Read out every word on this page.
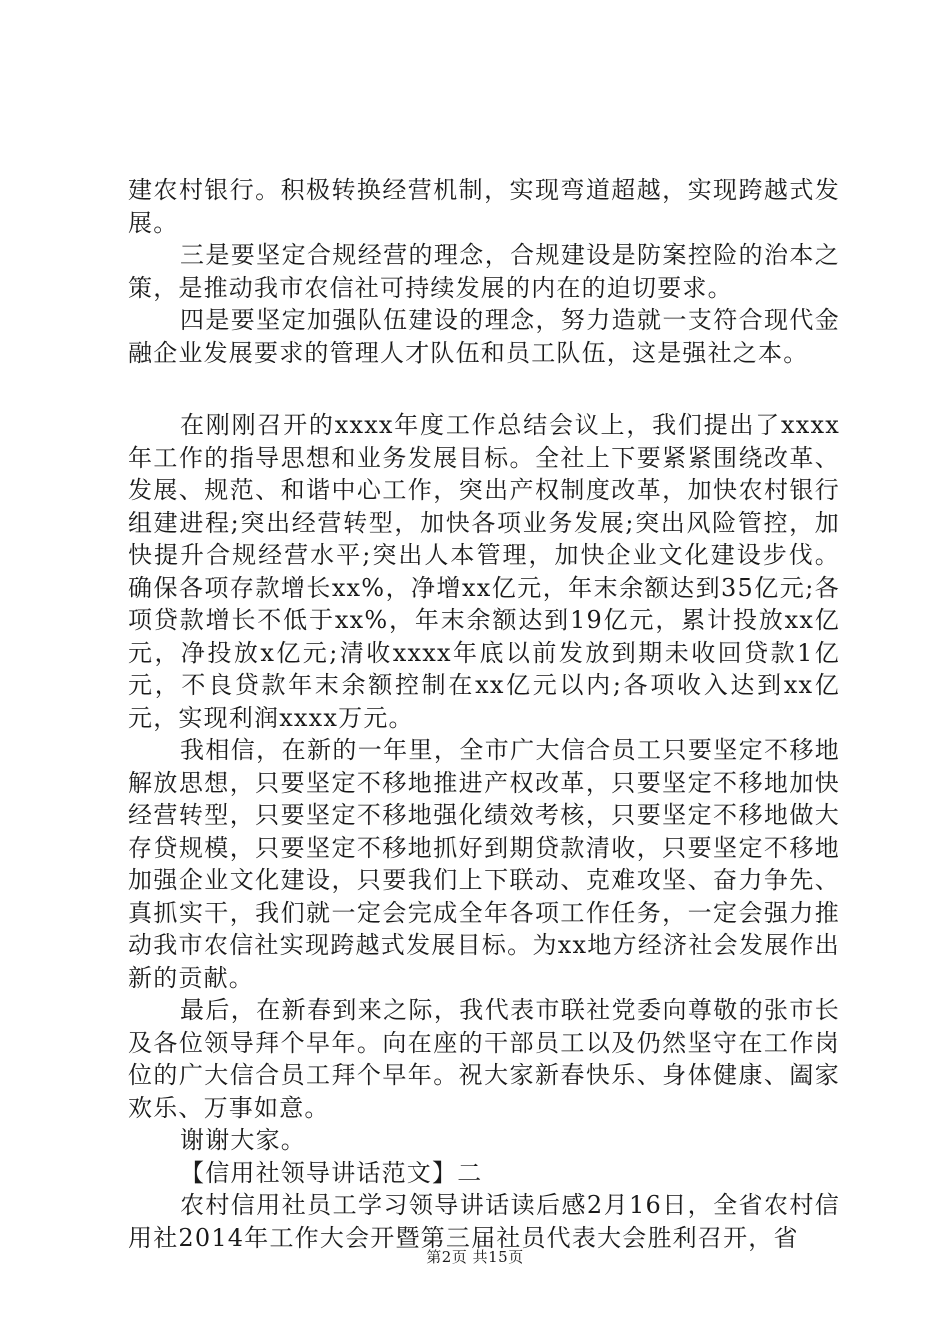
建农村银行。积极转换经营机制，实现弯道超越，实现跨越式发展。

三是要坚定合规经营的理念，合规建设是防案控险的治本之策，是推动我市农信社可持续发展的内在的迫切要求。

四是要坚定加强队伍建设的理念，努力造就一支符合现代金融企业发展要求的管理人才队伍和员工队伍，这是强社之本。

在刚刚召开的xxxx年度工作总结会议上，我们提出了xxxx年工作的指导思想和业务发展目标。全社上下要紧紧围绕改革、发展、规范、和谐中心工作，突出产权制度改革，加快农村银行组建进程;突出经营转型，加快各项业务发展;突出风险管控，加快提升合规经营水平;突出人本管理，加快企业文化建设步伐。确保各项存款增长xx%，净增xx亿元，年末余额达到35亿元;各项贷款增长不低于xx%，年末余额达到19亿元，累计投放xx亿元，净投放x亿元;清收xxxx年底以前发放到期未收回贷款1亿元，不良贷款年末余额控制在xx亿元以内;各项收入达到xx亿元，实现利润xxxx万元。

我相信，在新的一年里，全市广大信合员工只要坚定不移地解放思想，只要坚定不移地推进产权改革，只要坚定不移地加快经营转型，只要坚定不移地强化绩效考核，只要坚定不移地做大存贷规模，只要坚定不移地抓好到期贷款清收，只要坚定不移地加强企业文化建设，只要我们上下联动、克难攻坚、奋力争先、真抓实干，我们就一定会完成全年各项工作任务，一定会强力推动我市农信社实现跨越式发展目标。为xx地方经济社会发展作出新的贡献。

最后，在新春到来之际，我代表市联社党委向尊敬的张市长及各位领导拜个早年。向在座的干部员工以及仍然坚守在工作岗位的广大信合员工拜个早年。祝大家新春快乐、身体健康、阖家欢乐、万事如意。

谢谢大家。

【信用社领导讲话范文】二

农村信用社员工学习领导讲话读后感2月16日，全省农村信用社2014年工作大会开暨第三届社员代表大会胜利召开，省

第2页 共15页
